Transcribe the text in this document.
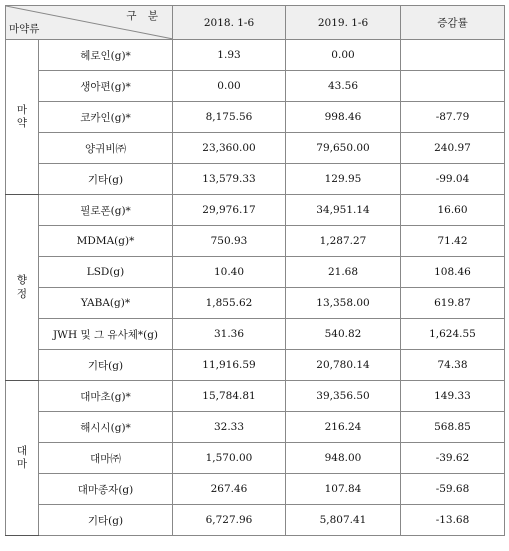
구 분
마약류		2018. 1-6	2019. 1-6	증감률

마
약	헤로인(g)*	1.93	0.00	
	생아편(g)*	0.00	43.56	
	코카인(g)*	8,175.56	998.46	-87.79
	양귀비㈜	23,360.00	79,650.00	240.97
	기타(g)	13,579.33	129.95	-99.04

향
정	필로폰(g)*	29,976.17	34,951.14	16.60
	MDMA(g)*	750.93	1,287.27	71.42
	LSD(g)	10.40	21.68	108.46
	YABA(g)*	1,855.62	13,358.00	619.87
	JWH 및 그 유사체*(g)	31.36	540.82	1,624.55
	기타(g)	11,916.59	20,780.14	74.38

대
마	대마초(g)*	15,784.81	39,356.50	149.33
	해시시(g)*	32.33	216.24	568.85
	대마㈜	1,570.00	948.00	-39.62
	대마종자(g)	267.46	107.84	-59.68
	기타(g)	6,727.96	5,807.41	-13.68
